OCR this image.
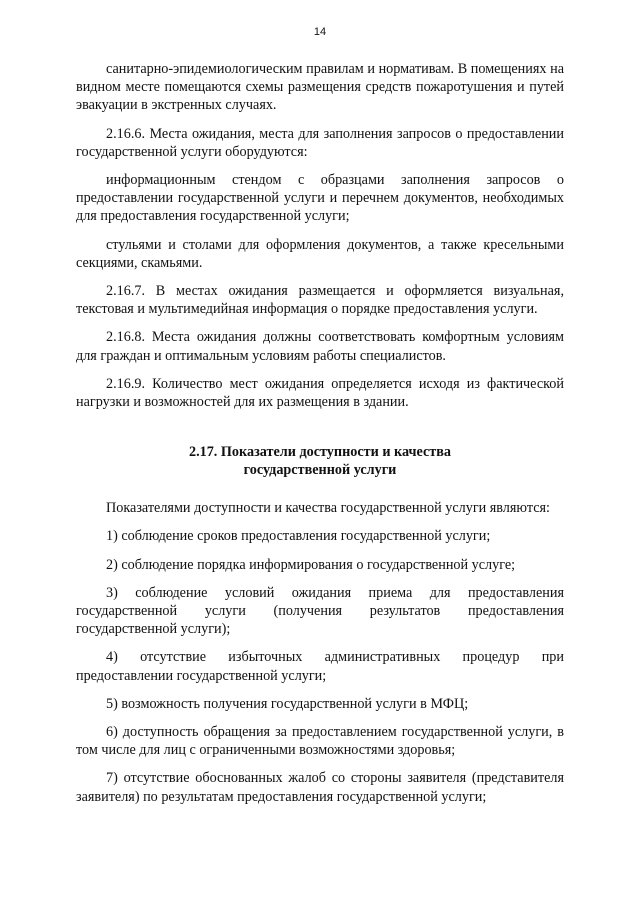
14

санитарно-эпидемиологическим правилам и нормативам. В помещениях на видном месте помещаются схемы размещения средств пожаротушения и путей эвакуации в экстренных случаях.

2.16.6. Места ожидания, места для заполнения запросов о предоставлении государственной услуги оборудуются:

информационным стендом с образцами заполнения запросов о предоставлении государственной услуги и перечнем документов, необходимых для предоставления государственной услуги;

стульями и столами для оформления документов, а также кресельными секциями, скамьями.

2.16.7. В местах ожидания размещается и оформляется визуальная, текстовая и мультимедийная информация о порядке предоставления услуги.

2.16.8. Места ожидания должны соответствовать комфортным условиям для граждан и оптимальным условиям работы специалистов.

2.16.9. Количество мест ожидания определяется исходя из фактической нагрузки и возможностей для их размещения в здании.

2.17. Показатели доступности и качества
государственной услуги

Показателями доступности и качества государственной услуги являются:

1) соблюдение сроков предоставления государственной услуги;

2) соблюдение порядка информирования о государственной услуге;

3) соблюдение условий ожидания приема для предоставления государственной услуги (получения результатов предоставления государственной услуги);

4) отсутствие избыточных административных процедур при предоставлении государственной услуги;

5) возможность получения государственной услуги в МФЦ;

6) доступность обращения за предоставлением государственной услуги, в том числе для лиц с ограниченными возможностями здоровья;

7) отсутствие обоснованных жалоб со стороны заявителя (представителя заявителя) по результатам предоставления государственной услуги;
